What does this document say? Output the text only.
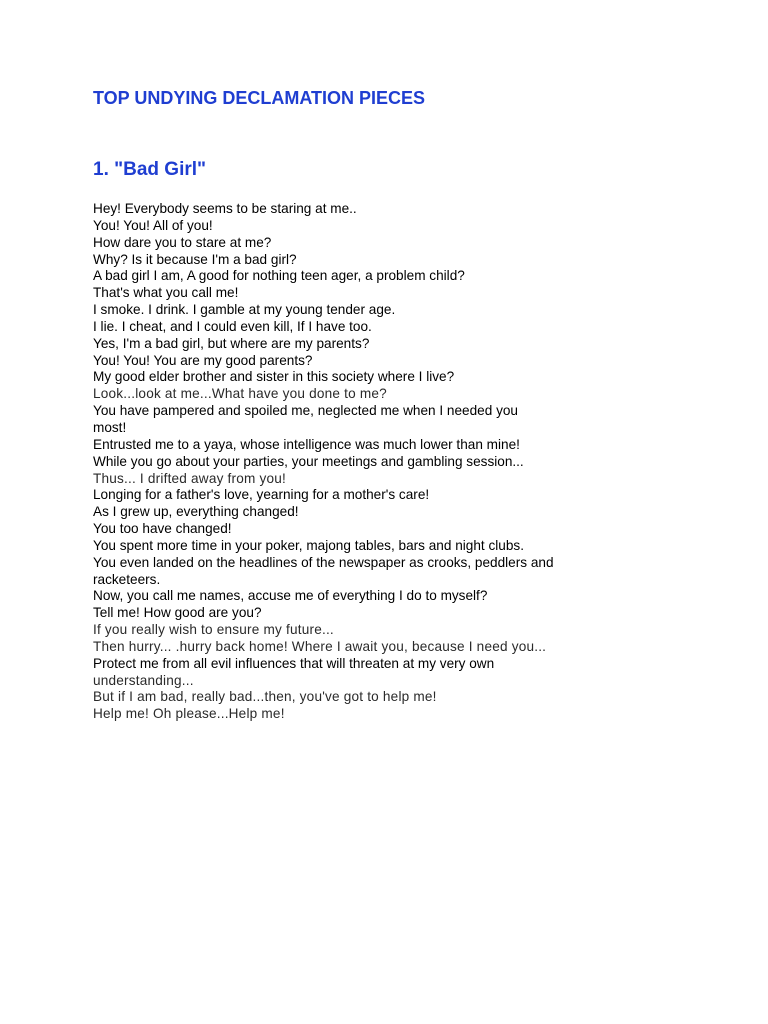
TOP UNDYING DECLAMATION PIECES
1. "Bad Girl"
Hey! Everybody seems to be staring at me..
You! You! All of you!
How dare you to stare at me?
Why? Is it because I'm a bad girl?
A bad girl I am, A good for nothing teen ager, a problem child?
That's what you call me!
I smoke. I drink. I gamble at my young tender age.
I lie. I cheat, and I could even kill, If I have too.
Yes, I'm a bad girl, but where are my parents?
You! You! You are my good parents?
My good elder brother and sister in this society where I live?
Look...look at me...What have you done to me?
You have pampered and spoiled me, neglected me when I needed you
most!
Entrusted me to a yaya, whose intelligence was much lower than mine!
While you go about your parties, your meetings and gambling session...
Thus... I drifted away from you!
Longing for a father's love, yearning for a mother's care!
As I grew up, everything changed!
You too have changed!
You spent more time in your poker, majong tables, bars and night clubs.
You even landed on the headlines of the newspaper as crooks, peddlers and
racketeers.
Now, you call me names, accuse me of everything I do to myself?
Tell me! How good are you?
If you really wish to ensure my future...
Then hurry... .hurry back home! Where I await you, because I need you...
Protect me from all evil influences that will threaten at my very own
understanding...
But if I am bad, really bad...then, you've got to help me!
Help me! Oh please...Help me!
